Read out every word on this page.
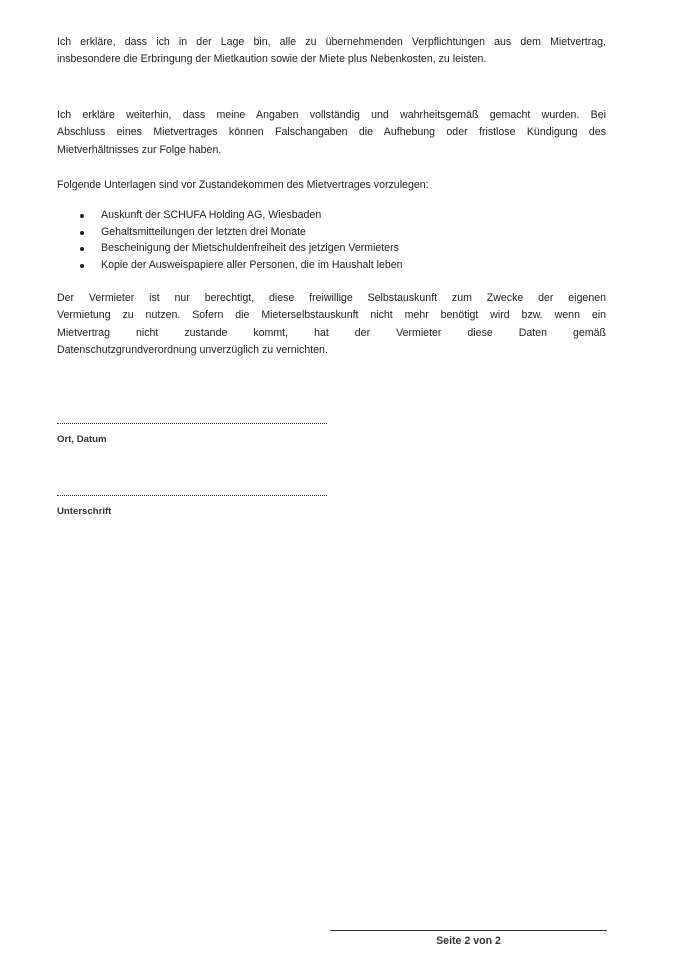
Ich erkläre, dass ich in der Lage bin, alle zu übernehmenden Verpflichtungen aus dem Mietvertrag,
insbesondere die Erbringung der Mietkaution sowie der Miete plus Nebenkosten, zu leisten.
Ich erkläre weiterhin, dass meine Angaben vollständig und wahrheitsgemäß gemacht wurden. Bei
Abschluss eines Mietvertrages können Falschangaben die Aufhebung oder fristlose Kündigung des
Mietverhältnisses zur Folge haben.
Folgende Unterlagen sind vor Zustandekommen des Mietvertrages vorzulegen:
Auskunft der SCHUFA Holding AG, Wiesbaden
Gehaltsmitteilungen der letzten drei Monate
Bescheinigung der Mietschuldenfreiheit des jetzigen Vermieters
Kopie der Ausweispapiere aller Personen, die im Haushalt leben
Der Vermieter ist nur berechtigt, diese freiwillige Selbstauskunft zum Zwecke der eigenen
Vermietung zu nutzen. Sofern die Mieterselbstauskunft nicht mehr benötigt wird bzw. wenn ein
Mietvertrag nicht zustande kommt, hat der Vermieter diese Daten gemäß
Datenschutzgrundverordnung unverzüglich zu vernichten.
Ort, Datum
Unterschrift
Seite 2 von 2
